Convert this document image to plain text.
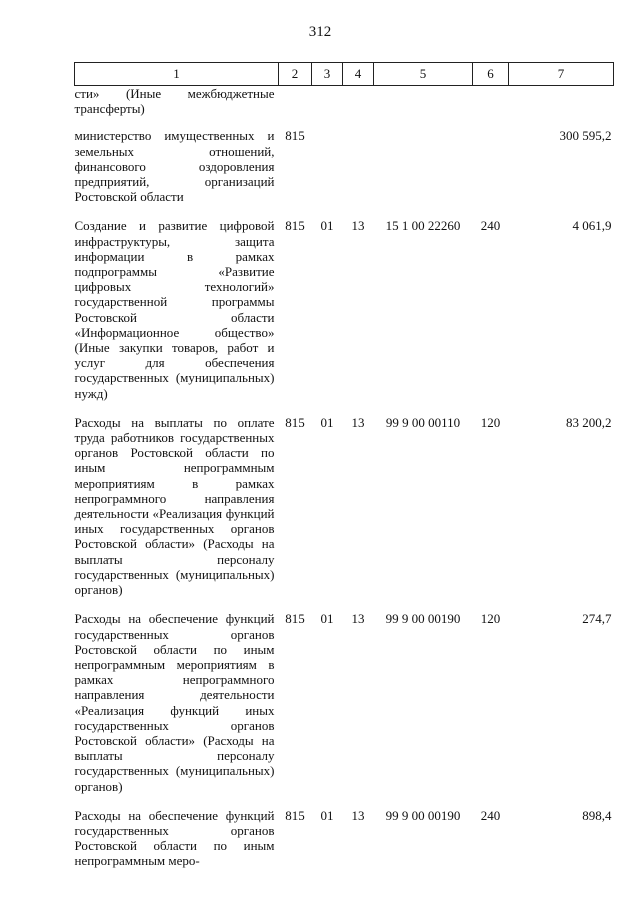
312
1	2	3	4	5	6	7
сти» (Иные межбюджетные трансферты)						
министерство имущественных и земельных отношений, финансового оздоровления предприятий, организаций Ростовской области	815					300 595,2
Создание и развитие цифровой инфраструктуры, защита информации в рамках подпрограммы «Развитие цифровых технологий» государственной программы Ростовской области «Информационное общество» (Иные закупки товаров, работ и услуг для обеспечения государственных (муниципальных) нужд)	815	01	13	15 1 00 22260	240	4 061,9
Расходы на выплаты по оплате труда работников государственных органов Ростовской области по иным непрограммным мероприятиям в рамках непрограммного направления деятельности «Реализация функций иных государственных органов Ростовской области» (Расходы на выплаты персоналу государственных (муниципальных) органов)	815	01	13	99 9 00 00110	120	83 200,2
Расходы на обеспечение функций государственных органов Ростовской области по иным непрограммным мероприятиям в рамках непрограммного направления деятельности «Реализация функций иных государственных органов Ростовской области» (Расходы на выплаты персоналу государственных (муниципальных) органов)	815	01	13	99 9 00 00190	120	274,7
Расходы на обеспечение функций государственных органов Ростовской области по иным непрограммным меро-	815	01	13	99 9 00 00190	240	898,4
